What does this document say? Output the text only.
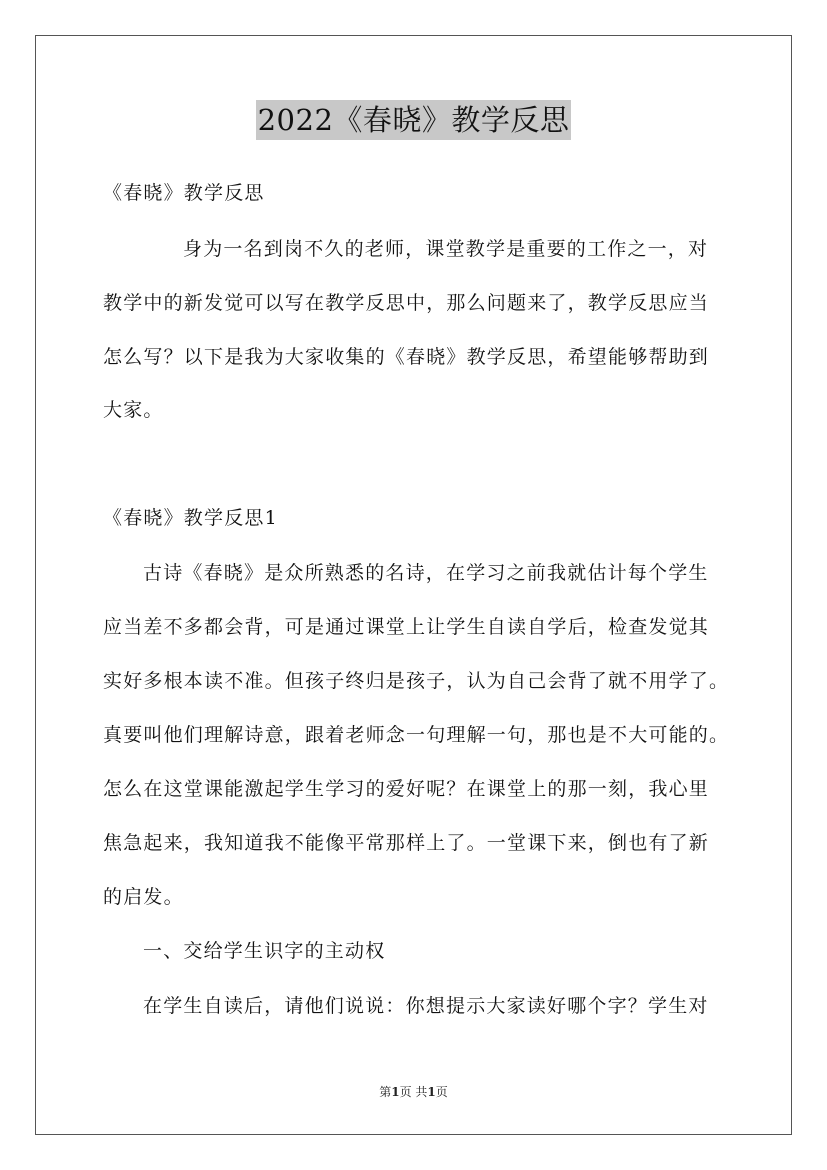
2022《春晓》教学反思
《春晓》教学反思
身为一名到岗不久的老师，课堂教学是重要的工作之一，对
教学中的新发觉可以写在教学反思中，那么问题来了，教学反思应当
怎么写？以下是我为大家收集的《春晓》教学反思，希望能够帮助到
大家。
《春晓》教学反思1
古诗《春晓》是众所熟悉的名诗，在学习之前我就估计每个学生
应当差不多都会背，可是通过课堂上让学生自读自学后，检查发觉其
实好多根本读不准。但孩子终归是孩子，认为自己会背了就不用学了。
真要叫他们理解诗意，跟着老师念一句理解一句，那也是不大可能的。
怎么在这堂课能激起学生学习的爱好呢？在课堂上的那一刻，我心里
焦急起来，我知道我不能像平常那样上了。一堂课下来，倒也有了新
的启发。
一、交给学生识字的主动权
在学生自读后，请他们说说：你想提示大家读好哪个字？学生对
第1页 共1页
